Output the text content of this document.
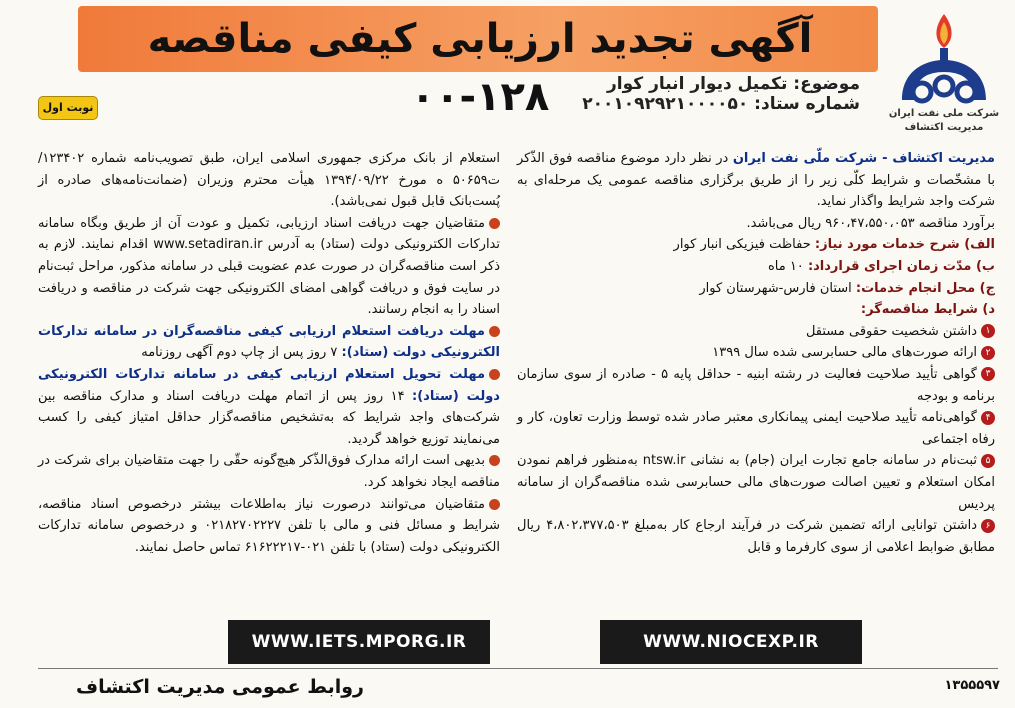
آگهی تجدید ارزیابی کیفی مناقصه ۱۲۸-۰۰	موضوع: تکمیل دیوار انبار کوار
شماره ستاد: ۲۰۰۱۰۹۲۹۲۱۰۰۰۰۵۰	شرکت ملی نفت ایران
مدیریت اکتشاف
نوبت اول

مدیریت اکتشاف - شرکت ملّی نفت ایران در نظر دارد موضوع مناقصه فوق الذّکر با مشخّصات و شرایط کلّی زیر را از طریق برگزاری مناقصه عمومی یک مرحله‌ای به شرکت واجد شرایط واگذار نماید.

برآورد مناقصه ۹۶۰،۴۷،۵۵۰،۰۵۳ ریال می‌باشد.

الف) شرح خدمات مورد نیاز: حفاظت فیزیکی انبار کوار

ب) مدّت زمان اجرای قرارداد: ۱۰ ماه

ج) محل انجام خدمات: استان فارس-شهرستان کوار

د) شرایط مناقصه‌گر:

۱داشتن شخصیت حقوقی مستقل

۲ارائه صورت‌های مالی حسابرسی شده سال ۱۳۹۹

۳گواهی تأیید صلاحیت فعالیت در رشته ابنیه - حداقل پایه ۵ - صادره از سوی سازمان برنامه و بودجه

۴گواهی‌نامه تأیید صلاحیت ایمنی پیمانکاری معتبر صادر شده توسط وزارت تعاون، کار و رفاه اجتماعی

۵ثبت‌نام در سامانه جامع تجارت ایران (جام) به نشانی ntsw.ir به‌منظور فراهم نمودن امکان استعلام و تعیین اصالت صورت‌های مالی حسابرسی شده مناقصه‌گران از سامانه پردیس

۶داشتن توانایی ارائه تضمین شرکت در فرآیند ارجاع کار به‌مبلغ ۴،۸۰۲،۳۷۷،۵۰۳ ریال مطابق ضوابط اعلامی از سوی کارفرما و قابل

استعلام از بانک مرکزی جمهوری اسلامی ایران، طبق تصویب‌نامه شماره ۱۲۳۴۰۲/ت۵۰۶۵۹ ه مورخ ۱۳۹۴/۰۹/۲۲ هیأت محترم وزیران (ضمانت‌نامه‌های صادره از پُست‌بانک قابل قبول نمی‌باشد).

متقاضیان جهت دریافت اسناد ارزیابی، تکمیل و عودت آن از طریق وبگاه سامانه تدارکات الکترونیکی دولت (ستاد) به آدرس www.setadiran.ir اقدام نمایند. لازم به ذکر است مناقصه‌گران در صورت عدم عضویت قبلی در سامانه مذکور، مراحل ثبت‌نام در سایت فوق و دریافت گواهی امضای الکترونیکی جهت شرکت در مناقصه و دریافت اسناد را به انجام رسانند.

مهلت دریافت استعلام ارزیابی کیفی مناقصه‌گران در سامانه تدارکات الکترونیکی دولت (ستاد): ۷ روز پس از چاپ دوم آگهی روزنامه

مهلت تحویل استعلام ارزیابی کیفی در سامانه تدارکات الکترونیکی دولت (ستاد): ۱۴ روز پس از اتمام مهلت دریافت اسناد و مدارک مناقصه بین شرکت‌های واجد شرایط که به‌تشخیص مناقصه‌گزار حداقل امتیاز کیفی را کسب می‌نمایند توزیع خواهد گردید.

بدیهی است ارائه مدارک فوق‌الذّکر هیچ‌گونه حقّی را جهت متقاضیان برای شرکت در مناقصه ایجاد نخواهد کرد.

متقاضیان می‌توانند درصورت نیاز به‌اطلاعات بیشتر درخصوص اسناد مناقصه، شرایط و مسائل فنی و مالی با تلفن ۰۲۱۸۲۷۰۲۲۲۷ و درخصوص سامانه تدارکات الکترونیکی دولت (ستاد) با تلفن ۰۲۱-۶۱۶۲۲۲۱۷ تماس حاصل نمایند.

WWW.IETS.MPORG.IR	WWW.NIOCEXP.IR
روابط عمومی مدیریت اکتشاف	۱۳۵۵۵۹۷
